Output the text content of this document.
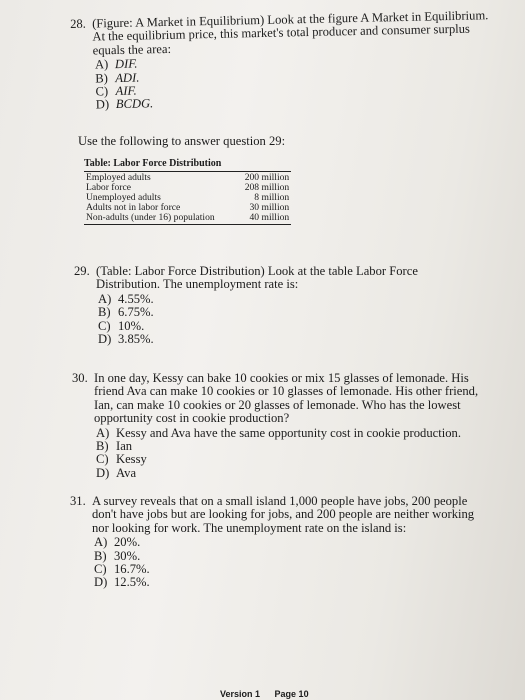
28. (Figure: A Market in Equilibrium) Look at the figure A Market in Equilibrium. At the equilibrium price, this market's total producer and consumer surplus equals the area:
A) DIF.
B) ADI.
C) AIF.
D) BCDG.
Use the following to answer question 29:
Table: Labor Force Distribution
Employed adults	200 million
Labor force	208 million
Unemployed adults	8 million
Adults not in labor force	30 million
Non-adults (under 16) population	40 million
29. (Table: Labor Force Distribution) Look at the table Labor Force Distribution. The unemployment rate is:
A) 4.55%.
B) 6.75%.
C) 10%.
D) 3.85%.
30. In one day, Kessy can bake 10 cookies or mix 15 glasses of lemonade. His friend Ava can make 10 cookies or 10 glasses of lemonade. His other friend, Ian, can make 10 cookies or 20 glasses of lemonade. Who has the lowest opportunity cost in cookie production?
A) Kessy and Ava have the same opportunity cost in cookie production.
B) Ian
C) Kessy
D) Ava
31. A survey reveals that on a small island 1,000 people have jobs, 200 people don't have jobs but are looking for jobs, and 200 people are neither working nor looking for work. The unemployment rate on the island is:
A) 20%.
B) 30%.
C) 16.7%.
D) 12.5%.
Version 1 Page 10
